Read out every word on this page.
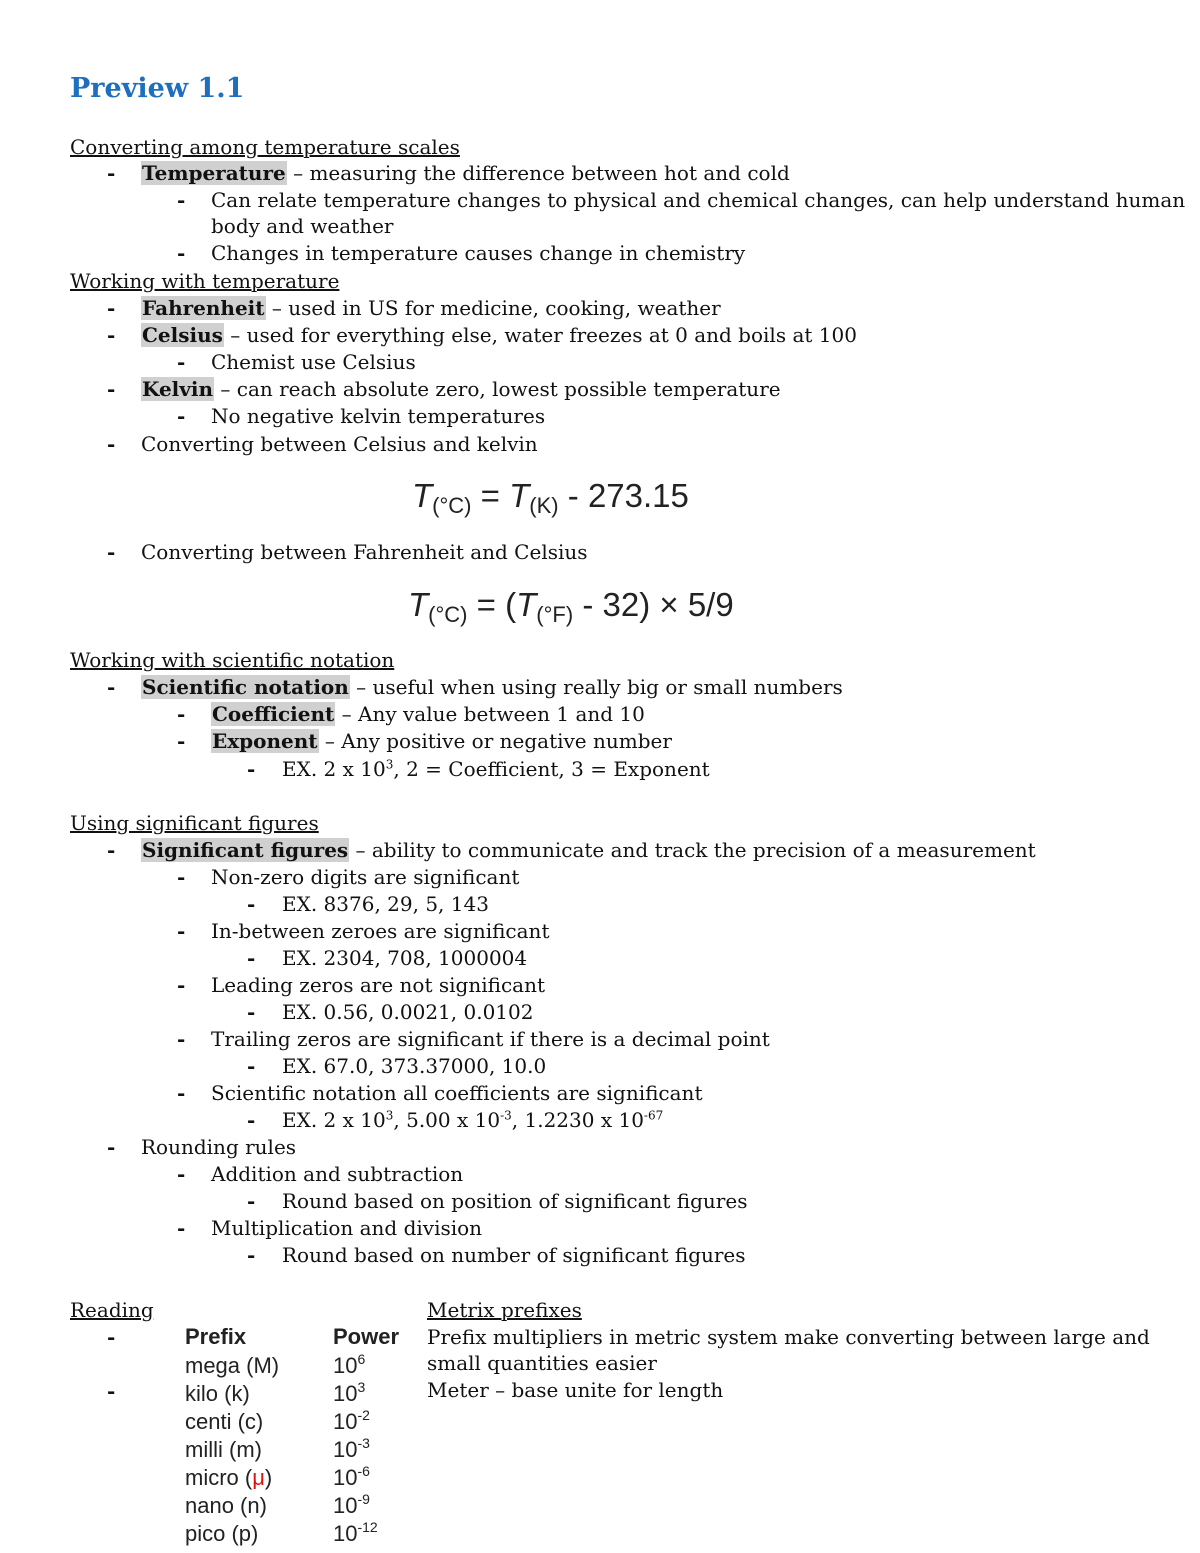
Preview 1.1
Converting among temperature scales
- Temperature – measuring the difference between hot and cold
- Can relate temperature changes to physical and chemical changes, can help understand human
body and weather
- Changes in temperature causes change in chemistry
Working with temperature
- Fahrenheit – used in US for medicine, cooking, weather
- Celsius – used for everything else, water freezes at 0 and boils at 100
- Chemist use Celsius
- Kelvin – can reach absolute zero, lowest possible temperature
- No negative kelvin temperatures
- Converting between Celsius and kelvin
T(°C) = T(K) - 273.15
- Converting between Fahrenheit and Celsius
T(°C) = (T(°F) - 32) × 5/9
Working with scientific notation
- Scientific notation – useful when using really big or small numbers
- Coefficient – Any value between 1 and 10
- Exponent – Any positive or negative number
- EX. 2 x $10^3$, 2 = Coefficient, 3 = Exponent
Using significant figures
- Significant figures – ability to communicate and track the precision of a measurement
- Non-zero digits are significant
- EX. 8376, 29, 5, 143
- In-between zeroes are significant
- EX. 2304, 708, 1000004
- Leading zeros are not significant
- EX. 0.56, 0.0021, 0.0102
- Trailing zeros are significant if there is a decimal point
- EX. 67.0, 373.37000, 10.0
- Scientific notation all coefficients are significant
- EX. 2 x $10^3$, 5.00 x $10^{-3}$, 1.2230 x $10^{-67}$
- Rounding rules
- Addition and subtraction
- Round based on position of significant figures
- Multiplication and division
- Round based on number of significant figures
Reading
-
-
Prefix	Power
mega (M) $10^6$
kilo (k)	$10^3$
centi (c)	$10^{-2}$
milli (m)	$10^{-3}$
micro (μ)	$10^{-6}$
nano (n)	$10^{-9}$
pico (p)	$10^{-12}$
Metrix prefixes
Prefix multipliers in metric system make converting between large and
small quantities easier
Meter – base unite for length
